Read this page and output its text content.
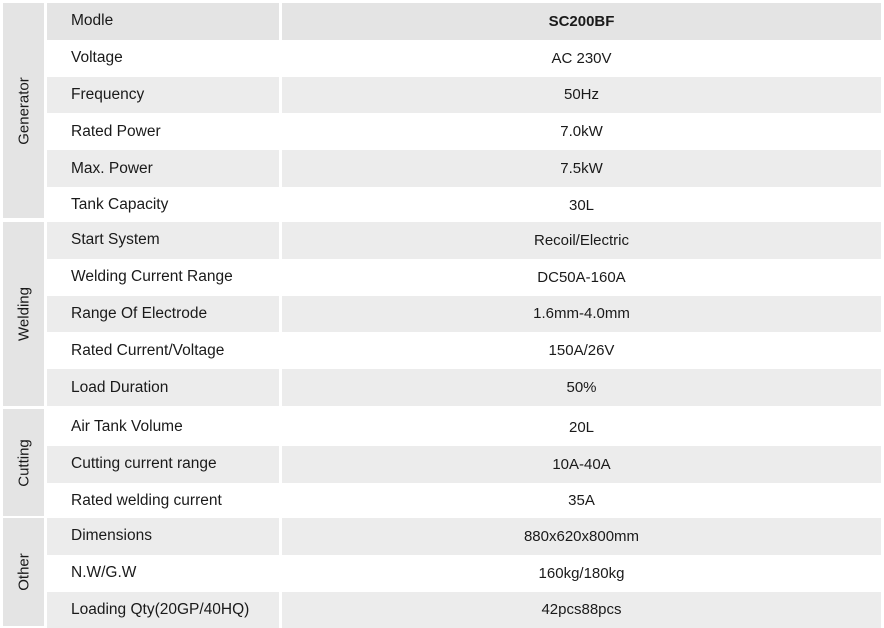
Generator
Modle	SC200BF
Voltage	AC 230V
Frequency	50Hz
Rated Power	7.0kW
Max. Power	7.5kW
Tank Capacity	30L
Welding
Start System	Recoil/Electric
Welding Current Range	DC50A-160A
Range Of Electrode	1.6mm-4.0mm
Rated Current/Voltage	150A/26V
Load Duration	50%
Cutting
Air Tank Volume	20L
Cutting current range	10A-40A
Rated welding current	35A
Other
Dimensions	880x620x800mm
N.W/G.W	160kg/180kg
Loading Qty(20GP/40HQ)	42pcs88pcs
